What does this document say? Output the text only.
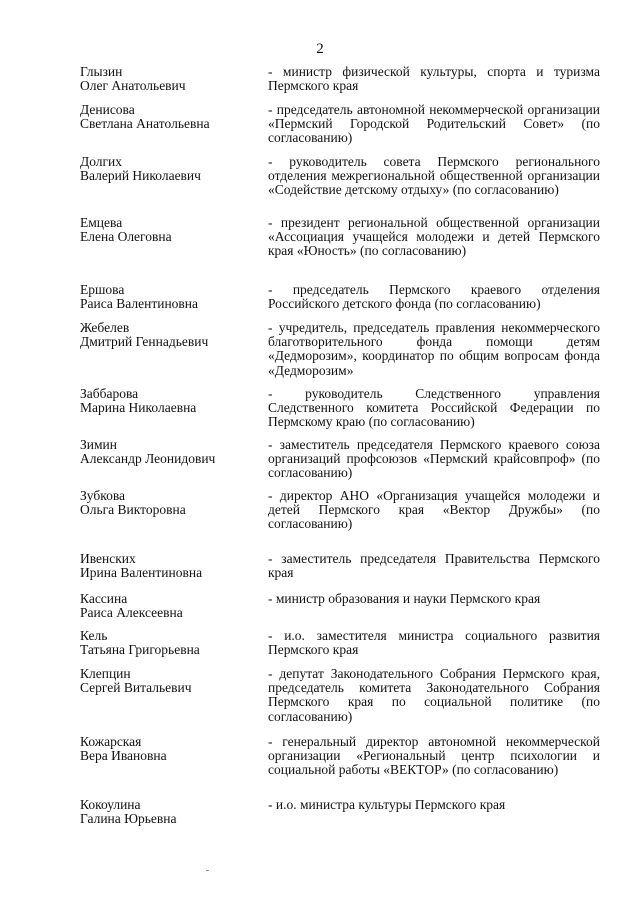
2
Глызин
Олег Анатольевич
- министр физической культуры, спорта и туризма Пермского края
Денисова
Светлана Анатольевна
- председатель автономной некоммерческой организации «Пермский Городской Родительский Совет» (по согласованию)
Долгих
Валерий Николаевич
- руководитель совета Пермского регионального отделения межрегиональной общественной организации «Содействие детскому отдыху» (по согласованию)
Емцева
Елена Олеговна
- президент региональной общественной организации «Ассоциация учащейся молодежи и детей Пермского края «Юность» (по согласованию)
Ершова
Раиса Валентиновна
- председатель Пермского краевого отделения Российского детского фонда (по согласованию)
Жебелев
Дмитрий Геннадьевич
- учредитель, председатель правления некоммерческого благотворительного фонда помощи детям «Дедморозим», координатор по общим вопросам фонда «Дедморозим»
Заббарова
Марина Николаевна
- руководитель Следственного управления Следственного комитета Российской Федерации по Пермскому краю (по согласованию)
Зимин
Александр Леонидович
- заместитель председателя Пермского краевого союза организаций профсоюзов «Пермский крайсовпроф» (по согласованию)
Зубкова
Ольга Викторовна
- директор АНО «Организация учащейся молодежи и детей Пермского края «Вектор Дружбы» (по согласованию)
Ивенских
Ирина Валентиновна
- заместитель председателя Правительства Пермского края
Кассина
Раиса Алексеевна
- министр образования и науки Пермского края
Кель
Татьяна Григорьевна
- и.о. заместителя министра социального развития Пермского края
Клепцин
Сергей Витальевич
- депутат Законодательного Собрания Пермского края, председатель комитета Законодательного Собрания Пермского края по социальной политике (по согласованию)
Кожарская
Вера Ивановна
- генеральный директор автономной некоммерческой организации «Региональный центр психологии и социальной работы «ВЕКТОР» (по согласованию)
Кокоулина
Галина Юрьевна
- и.о. министра культуры Пермского края
